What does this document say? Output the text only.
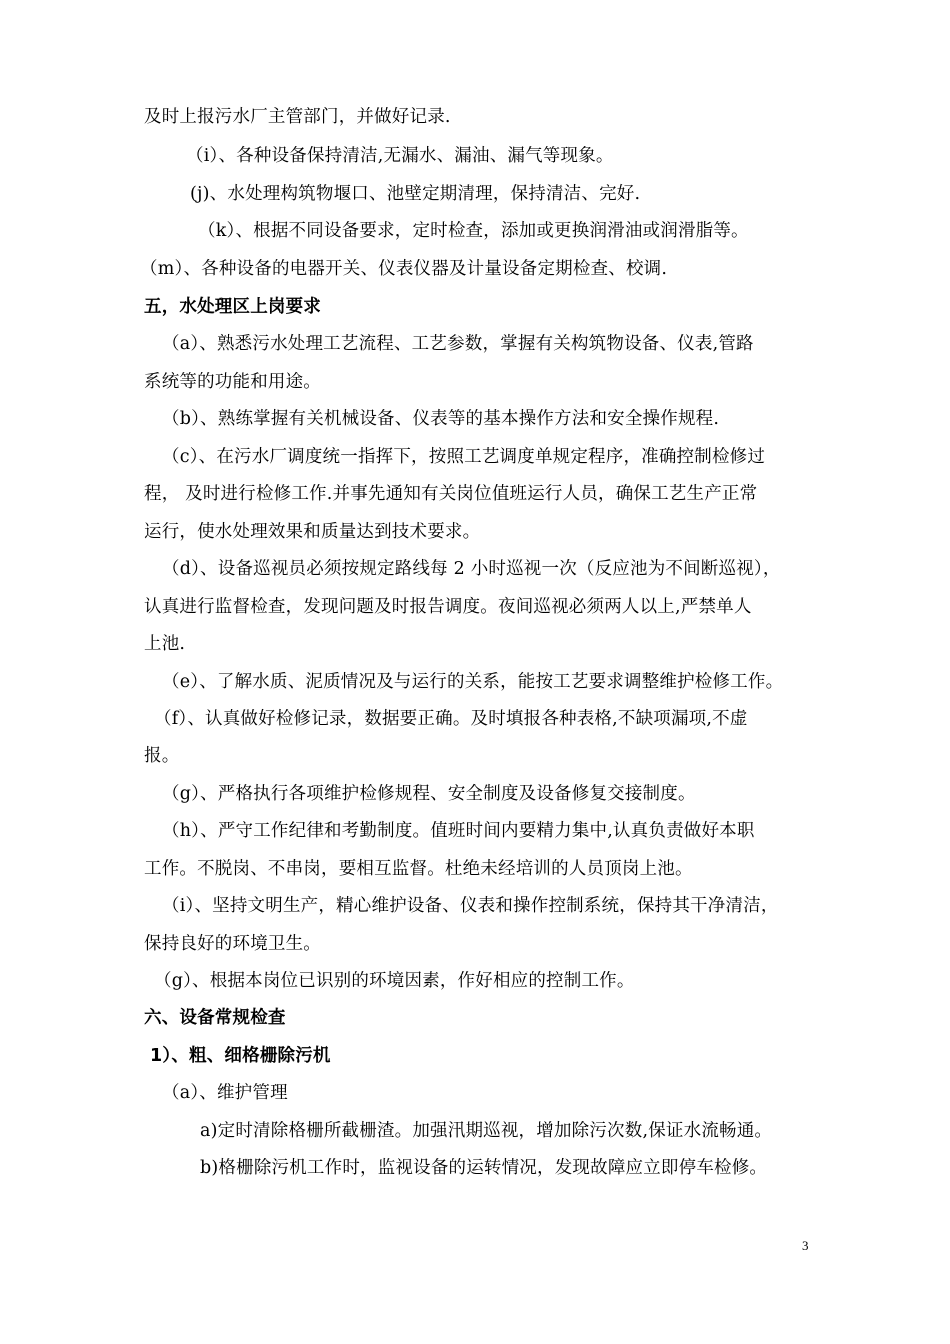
及时上报污水厂主管部门，并做好记录.
（i）、各种设备保持清洁,无漏水、漏油、漏气等现象。
(j)、水处理构筑物堰口、池壁定期清理，保持清洁、完好.
（k）、根据不同设备要求，定时检查，添加或更换润滑油或润滑脂等。
（m）、各种设备的电器开关、仪表仪器及计量设备定期检查、校调.
五，水处理区上岗要求
（a）、熟悉污水处理工艺流程、工艺参数，掌握有关构筑物设备、仪表,管路
系统等的功能和用途。
（b）、熟练掌握有关机械设备、仪表等的基本操作方法和安全操作规程.
（c）、在污水厂调度统一指挥下，按照工艺调度单规定程序，准确控制检修过
程， 及时进行检修工作.并事先通知有关岗位值班运行人员，确保工艺生产正常
运行，使水处理效果和质量达到技术要求。
（d）、设备巡视员必须按规定路线每 2 小时巡视一次（反应池为不间断巡视），
认真进行监督检查，发现问题及时报告调度。夜间巡视必须两人以上,严禁单人
上池.
（e）、了解水质、泥质情况及与运行的关系，能按工艺要求调整维护检修工作。
（f）、认真做好检修记录，数据要正确。及时填报各种表格,不缺项漏项,不虚
报。
（g）、严格执行各项维护检修规程、安全制度及设备修复交接制度。
（h）、严守工作纪律和考勤制度。值班时间内要精力集中,认真负责做好本职
工作。不脱岗、不串岗，要相互监督。杜绝未经培训的人员顶岗上池。
（i）、坚持文明生产，精心维护设备、仪表和操作控制系统，保持其干净清洁，
保持良好的环境卫生。
（g）、根据本岗位已识别的环境因素，作好相应的控制工作。
六、设备常规检查
1）、粗、细格栅除污机
（a）、维护管理
a)定时清除格栅所截栅渣。加强汛期巡视，增加除污次数,保证水流畅通。
b)格栅除污机工作时，监视设备的运转情况，发现故障应立即停车检修。
3
